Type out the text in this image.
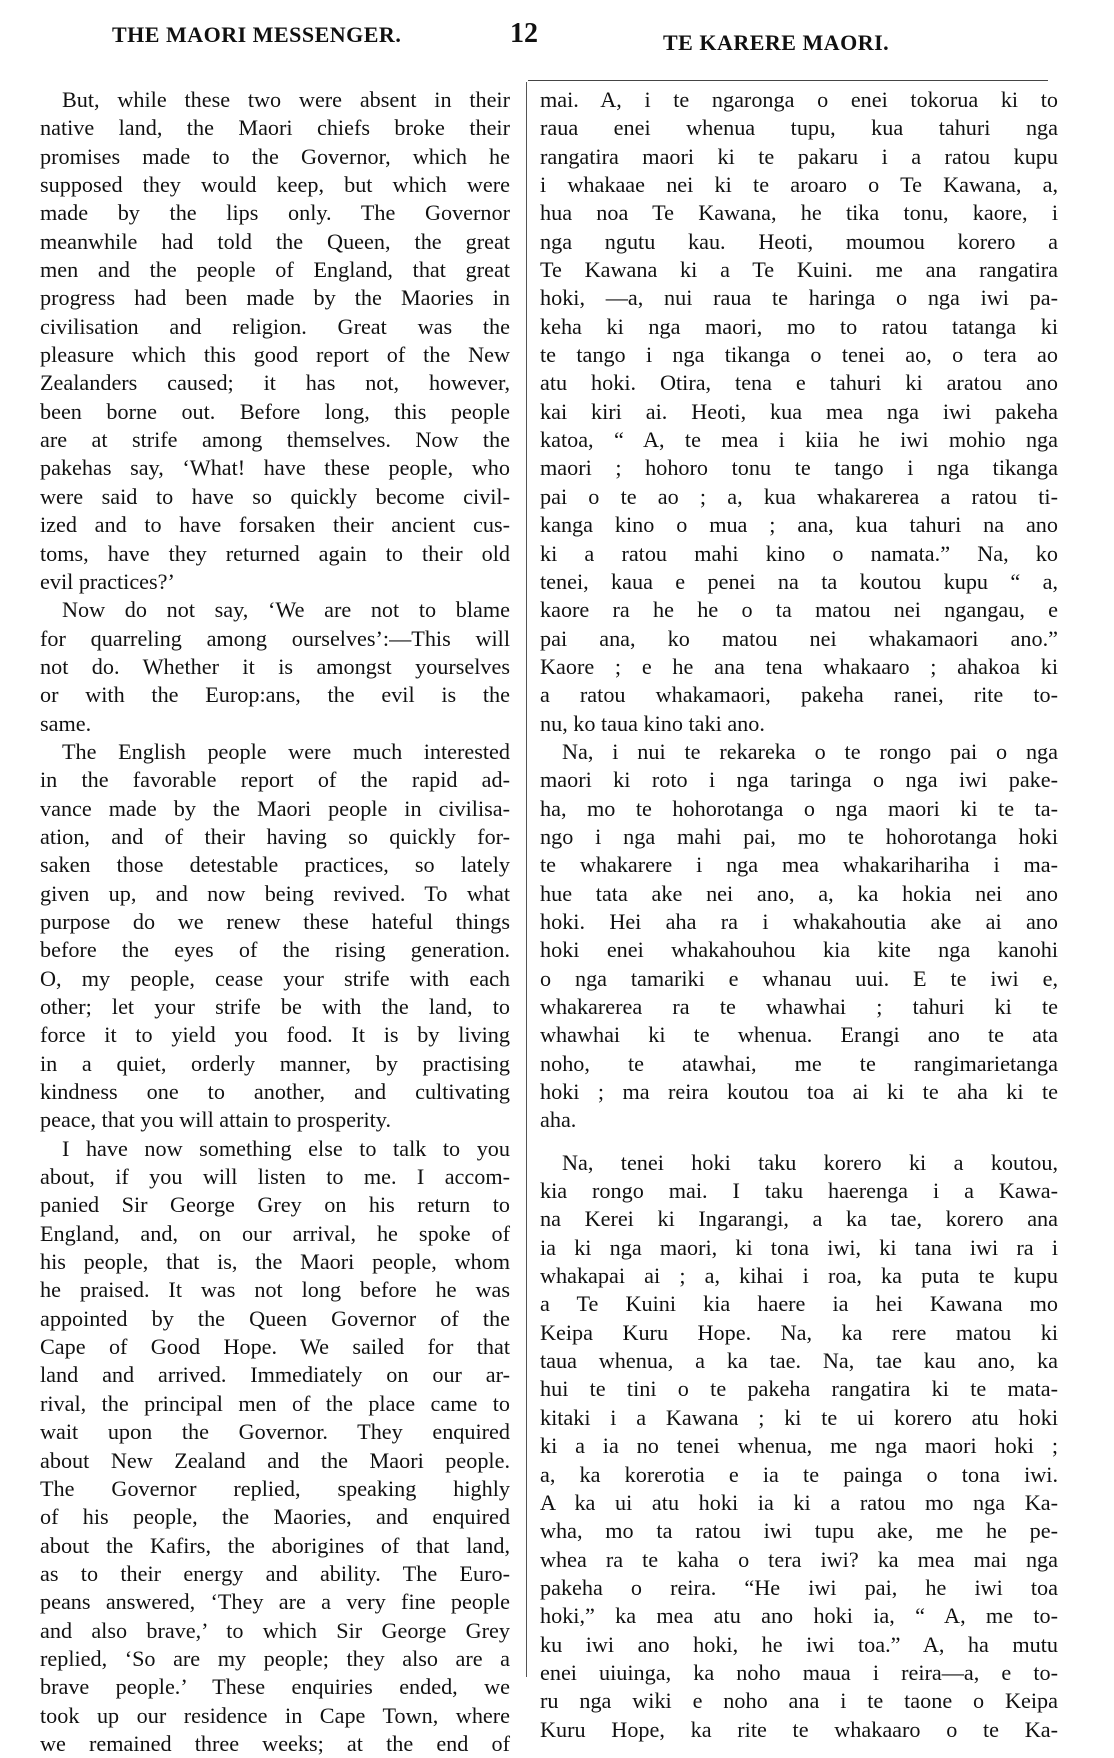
THE MAORI MESSENGER.	12	TE KARERE MAORI.

But, while these two were absent in their

native land, the Maori chiefs broke their

promises made to the Governor, which he

supposed they would keep, but which were

made by the lips only. The Governor

meanwhile had told the Queen, the great

men and the people of England, that great

progress had been made by the Maories in

civilisation and religion. Great was the

pleasure which this good report of the New

Zealanders caused; it has not, however,

been borne out. Before long, this people

are at strife among themselves. Now the

pakehas say, ‘What! have these people, who

were said to have so quickly become civil-

ized and to have forsaken their ancient cus-

toms, have they returned again to their old

evil practices?’

Now do not say, ‘We are not to blame

for quarreling among ourselves’:—This will

not do. Whether it is amongst yourselves

or with the Europ:ans, the evil is the

same.

The English people were much interested

in the favorable report of the rapid ad-

vance made by the Maori people in civilisa-

ation, and of their having so quickly for-

saken those detestable practices, so lately

given up, and now being revived. To what

purpose do we renew these hateful things

before the eyes of the rising generation.

O, my people, cease your strife with each

other; let your strife be with the land, to

force it to yield you food. It is by living

in a quiet, orderly manner, by practising

kindness one to another, and cultivating

peace, that you will attain to prosperity.

I have now something else to talk to you

about, if you will listen to me. I accom-

panied Sir George Grey on his return to

England, and, on our arrival, he spoke of

his people, that is, the Maori people, whom

he praised. It was not long before he was

appointed by the Queen Governor of the

Cape of Good Hope. We sailed for that

land and arrived. Immediately on our ar-

rival, the principal men of the place came to

wait upon the Governor. They enquired

about New Zealand and the Maori people.

The Governor replied, speaking highly

of his people, the Maories, and enquired

about the Kafirs, the aborigines of that land,

as to their energy and ability. The Euro-

peans answered, ‘They are a very fine people

and also brave,’ to which Sir George Grey

replied, ‘So are my people; they also are a

brave people.’ These enquiries ended, we

took up our residence in Cape Town, where

we remained three weeks; at the end of

mai. A, i te ngaronga o enei tokorua ki to

raua enei whenua tupu, kua tahuri nga

rangatira maori ki te pakaru i a ratou kupu

i whakaae nei ki te aroaro o Te Kawana, a,

hua noa Te Kawana, he tika tonu, kaore, i

nga ngutu kau. Heoti, moumou korero a

Te Kawana ki a Te Kuini. me ana rangatira

hoki, —a, nui raua te haringa o nga iwi pa-

keha ki nga maori, mo to ratou tatanga ki

te tango i nga tikanga o tenei ao, o tera ao

atu hoki. Otira, tena e tahuri ki aratou ano

kai kiri ai. Heoti, kua mea nga iwi pakeha

katoa, “ A, te mea i kiia he iwi mohio nga

maori ; hohoro tonu te tango i nga tikanga

pai o te ao ; a, kua whakarerea a ratou ti-

kanga kino o mua ; ana, kua tahuri na ano

ki a ratou mahi kino o namata.” Na, ko

tenei, kaua e penei na ta koutou kupu “ a,

kaore ra he he o ta matou nei ngangau, e

pai ana, ko matou nei whakamaori ano.”

Kaore ; e he ana tena whakaaro ; ahakoa ki

a ratou whakamaori, pakeha ranei, rite to-

nu, ko taua kino taki ano.

Na, i nui te rekareka o te rongo pai o nga

maori ki roto i nga taringa o nga iwi pake-

ha, mo te hohorotanga o nga maori ki te ta-

ngo i nga mahi pai, mo te hohorotanga hoki

te whakarere i nga mea whakarihariha i ma-

hue tata ake nei ano, a, ka hokia nei ano

hoki. Hei aha ra i whakahoutia ake ai ano

hoki enei whakahouhou kia kite nga kanohi

o nga tamariki e whanau uui. E te iwi e,

whakarerea ra te whawhai ; tahuri ki te

whawhai ki te whenua. Erangi ano te ata

noho, te atawhai, me te rangimarietanga

hoki ; ma reira koutou toa ai ki te aha ki te

aha.

Na, tenei hoki taku korero ki a koutou,

kia rongo mai. I taku haerenga i a Kawa-

na Kerei ki Ingarangi, a ka tae, korero ana

ia ki nga maori, ki tona iwi, ki tana iwi ra i

whakapai ai ; a, kihai i roa, ka puta te kupu

a Te Kuini kia haere ia hei Kawana mo

Keipa Kuru Hope. Na, ka rere matou ki

taua whenua, a ka tae. Na, tae kau ano, ka

hui te tini o te pakeha rangatira ki te mata-

kitaki i a Kawana ; ki te ui korero atu hoki

ki a ia no tenei whenua, me nga maori hoki ;

a, ka korerotia e ia te painga o tona iwi.

A ka ui atu hoki ia ki a ratou mo nga Ka-

wha, mo ta ratou iwi tupu ake, me he pe-

whea ra te kaha o tera iwi? ka mea mai nga

pakeha o reira. “He iwi pai, he iwi toa

hoki,” ka mea atu ano hoki ia, “ A, me to-

ku iwi ano hoki, he iwi toa.” A, ha mutu

enei uiuinga, ka noho maua i reira—a, e to-

ru nga wiki e noho ana i te taone o Keipa

Kuru Hope, ka rite te whakaaro o te Ka-
